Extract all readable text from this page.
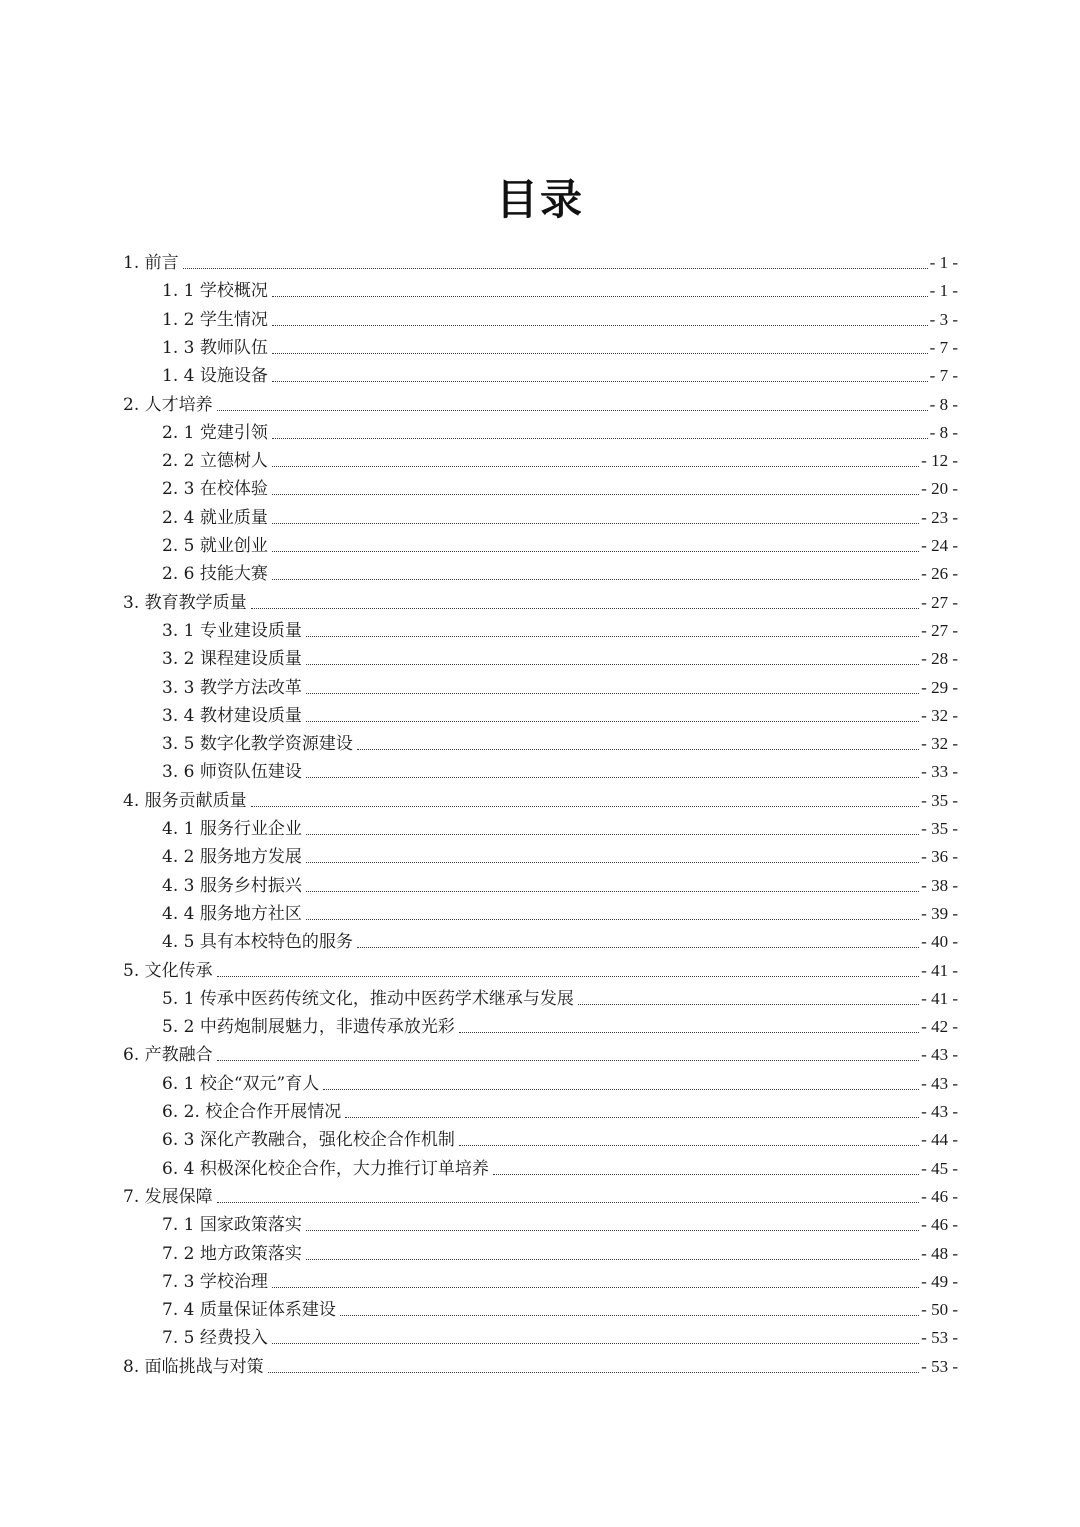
目录
1. 前言	- 1 -
1. 1 学校概况	- 1 -
1. 2 学生情况	- 3 -
1. 3 教师队伍	- 7 -
1. 4 设施设备	- 7 -
2. 人才培养	- 8 -
2. 1 党建引领	- 8 -
2. 2 立德树人	- 12 -
2. 3 在校体验	- 20 -
2. 4 就业质量	- 23 -
2. 5 就业创业	- 24 -
2. 6 技能大赛	- 26 -
3. 教育教学质量	- 27 -
3. 1 专业建设质量	- 27 -
3. 2 课程建设质量	- 28 -
3. 3 教学方法改革	- 29 -
3. 4 教材建设质量	- 32 -
3. 5 数字化教学资源建设	- 32 -
3. 6 师资队伍建设	- 33 -
4. 服务贡献质量	- 35 -
4. 1 服务行业企业	- 35 -
4. 2 服务地方发展	- 36 -
4. 3 服务乡村振兴	- 38 -
4. 4 服务地方社区	- 39 -
4. 5 具有本校特色的服务	- 40 -
5. 文化传承	- 41 -
5. 1 传承中医药传统文化，推动中医药学术继承与发展	- 41 -
5. 2 中药炮制展魅力，非遗传承放光彩	- 42 -
6. 产教融合	- 43 -
6. 1 校企“双元”育人	- 43 -
6. 2. 校企合作开展情况	- 43 -
6. 3 深化产教融合，强化校企合作机制	- 44 -
6. 4 积极深化校企合作，大力推行订单培养	- 45 -
7. 发展保障	- 46 -
7. 1 国家政策落实	- 46 -
7. 2 地方政策落实	- 48 -
7. 3 学校治理	- 49 -
7. 4 质量保证体系建设	- 50 -
7. 5 经费投入	- 53 -
8. 面临挑战与对策	- 53 -
